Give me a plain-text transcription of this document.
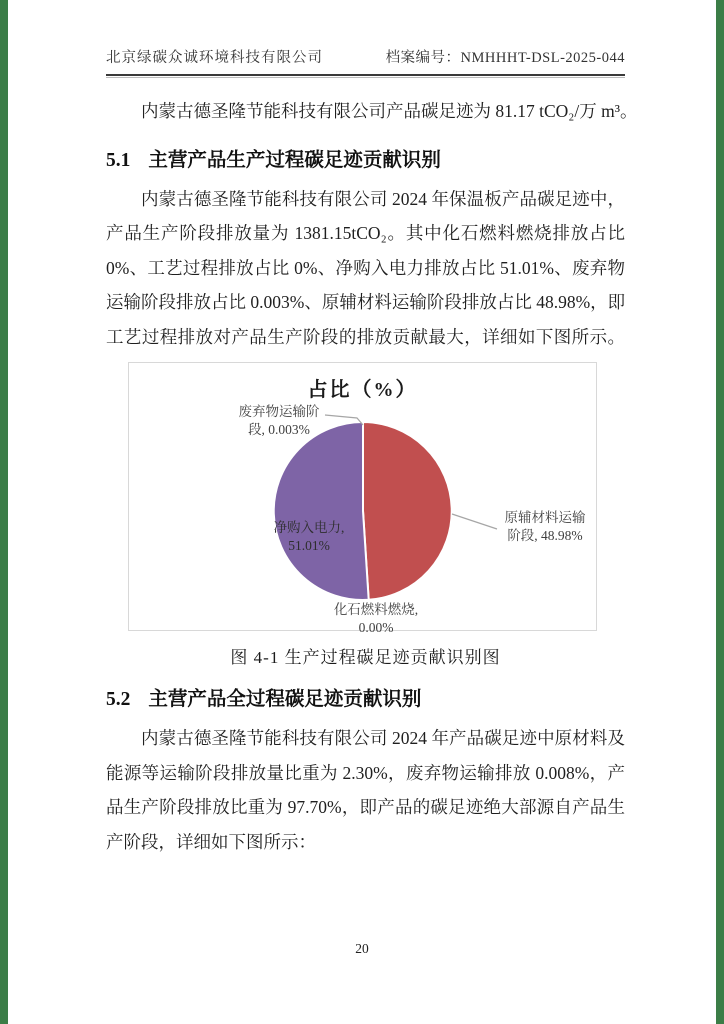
北京绿碳众诚环境科技有限公司	档案编号：NMHHHT-DSL-2025-044
内蒙古德圣隆节能科技有限公司产品碳足迹为 81.17 tCO₂/万 m³。
5.1 主营产品生产过程碳足迹贡献识别
内蒙古德圣隆节能科技有限公司 2024 年保温板产品碳足迹中，
产品生产阶段排放量为 1381.15tCO₂。其中化石燃料燃烧排放占比
0%、工艺过程排放占比 0%、净购入电力排放占比 51.01%、废弃物
运输阶段排放占比 0.003%、原辅材料运输阶段排放占比 48.98%，即
工艺过程排放对产品生产阶段的排放贡献最大，详细如下图所示。
占比（%）
废弃物运输阶
段, 0.003%
原辅材料运输
阶段, 48.98%
净购入电力,
51.01%
化石燃料燃烧,
0.00%
图 4-1 生产过程碳足迹贡献识别图
5.2 主营产品全过程碳足迹贡献识别
内蒙古德圣隆节能科技有限公司 2024 年产品碳足迹中原材料及
能源等运输阶段排放量比重为 2.30%，废弃物运输排放 0.008%，产
品生产阶段排放比重为 97.70%，即产品的碳足迹绝大部源自产品生
产阶段，详细如下图所示：
20
